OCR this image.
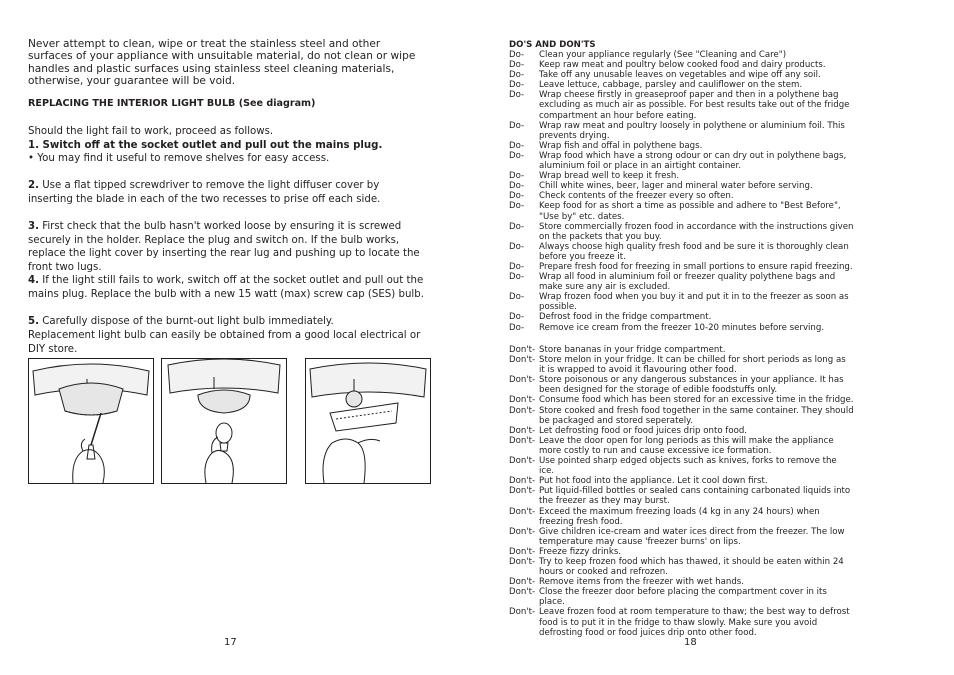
Never attempt to clean, wipe or treat the stainless steel and other surfaces of your appliance with unsuitable material, do not clean or wipe handles and plastic surfaces using stainless steel cleaning materials, otherwise, your guarantee will be void.

REPLACING THE INTERIOR LIGHT BULB (See diagram)

Should the light fail to work, proceed as follows.

1. Switch off at the socket outlet and pull out the mains plug.

• You may find it useful to remove shelves for easy access.

2. Use a flat tipped screwdriver to remove the light diffuser cover by inserting the blade in each of the two recesses to prise off each side.

3. First check that the bulb hasn't worked loose by ensuring it is screwed securely in the holder. Replace the plug and switch on. If the bulb works, replace the light cover by inserting the rear lug and pushing up to locate the front two lugs.

4. If the light still fails to work, switch off at the socket outlet and pull out the mains plug. Replace the bulb with a new 15 watt (max) screw cap (SES) bulb.

5. Carefully dispose of the burnt-out light bulb immediately.

Replacement light bulb can easily be obtained from a good local electrical or DIY store.

17
DO'S AND DON'TS
Do-	Clean your appliance regularly (See "Cleaning and Care")
Do-	Keep raw meat and poultry below cooked food and dairy products.
Do-	Take off any unusable leaves on vegetables and wipe off any soil.
Do-	Leave lettuce, cabbage, parsley and cauliflower on the stem.
Do-	Wrap cheese firstly in greaseproof paper and then in a polythene bag excluding as much air as possible. For best results take out of the fridge compartment an hour before eating.
Do-	Wrap raw meat and poultry loosely in polythene or aluminium foil. This prevents drying.
Do-	Wrap fish and offal in polythene bags.
Do-	Wrap food which have a strong odour or can dry out in polythene bags, aluminium foil or place in an airtight container.
Do-	Wrap bread well to keep it fresh.
Do-	Chill white wines, beer, lager and mineral water before serving.
Do-	Check contents of the freezer every so often.
Do-	Keep food for as short a time as possible and adhere to "Best Before", "Use by" etc. dates.
Do-	Store commercially frozen food in accordance with the instructions given on the packets that you buy.
Do-	Always choose high quality fresh food and be sure it is thoroughly clean before you freeze it.
Do-	Prepare fresh food for freezing in small portions to ensure rapid freezing.
Do-	Wrap all food in aluminium foil or freezer quality polythene bags and make sure any air is excluded.
Do-	Wrap frozen food when you buy it and put it in to the freezer as soon as possible.
Do-	Defrost food in the fridge compartment.
Do-	Remove ice cream from the freezer 10-20 minutes before serving.
Don't- Store bananas in your fridge compartment.
Don't- Store melon in your fridge. It can be chilled for short periods as long as it is wrapped to avoid it flavouring other food.
Don't- Store poisonous or any dangerous substances in your appliance. It has been designed for the storage of edible foodstuffs only.
Don't- Consume food which has been stored for an excessive time in the fridge.
Don't- Store cooked and fresh food together in the same container. They should be packaged and stored seperately.
Don't- Let defrosting food or food juices drip onto food.
Don't- Leave the door open for long periods as this will make the appliance more costly to run and cause excessive ice formation.
Don't- Use pointed sharp edged objects such as knives, forks to remove the ice.
Don't- Put hot food into the appliance. Let it cool down first.
Don't- Put liquid-filled bottles or sealed cans containing carbonated liquids into the freezer as they may burst.
Don't- Exceed the maximum freezing loads (4 kg in any 24 hours) when freezing fresh food.
Don't- Give children ice-cream and water ices direct from the freezer. The low temperature may cause 'freezer burns' on lips.
Don't- Freeze fizzy drinks.
Don't- Try to keep frozen food which has thawed, it should be eaten within 24 hours or cooked and refrozen.
Don't- Remove items from the freezer with wet hands.
Don't- Close the freezer door before placing the compartment cover in its place.
Don't- Leave frozen food at room temperature to thaw; the best way to defrost food is to put it in the fridge to thaw slowly. Make sure you avoid defrosting food or food juices drip onto other food.
18
